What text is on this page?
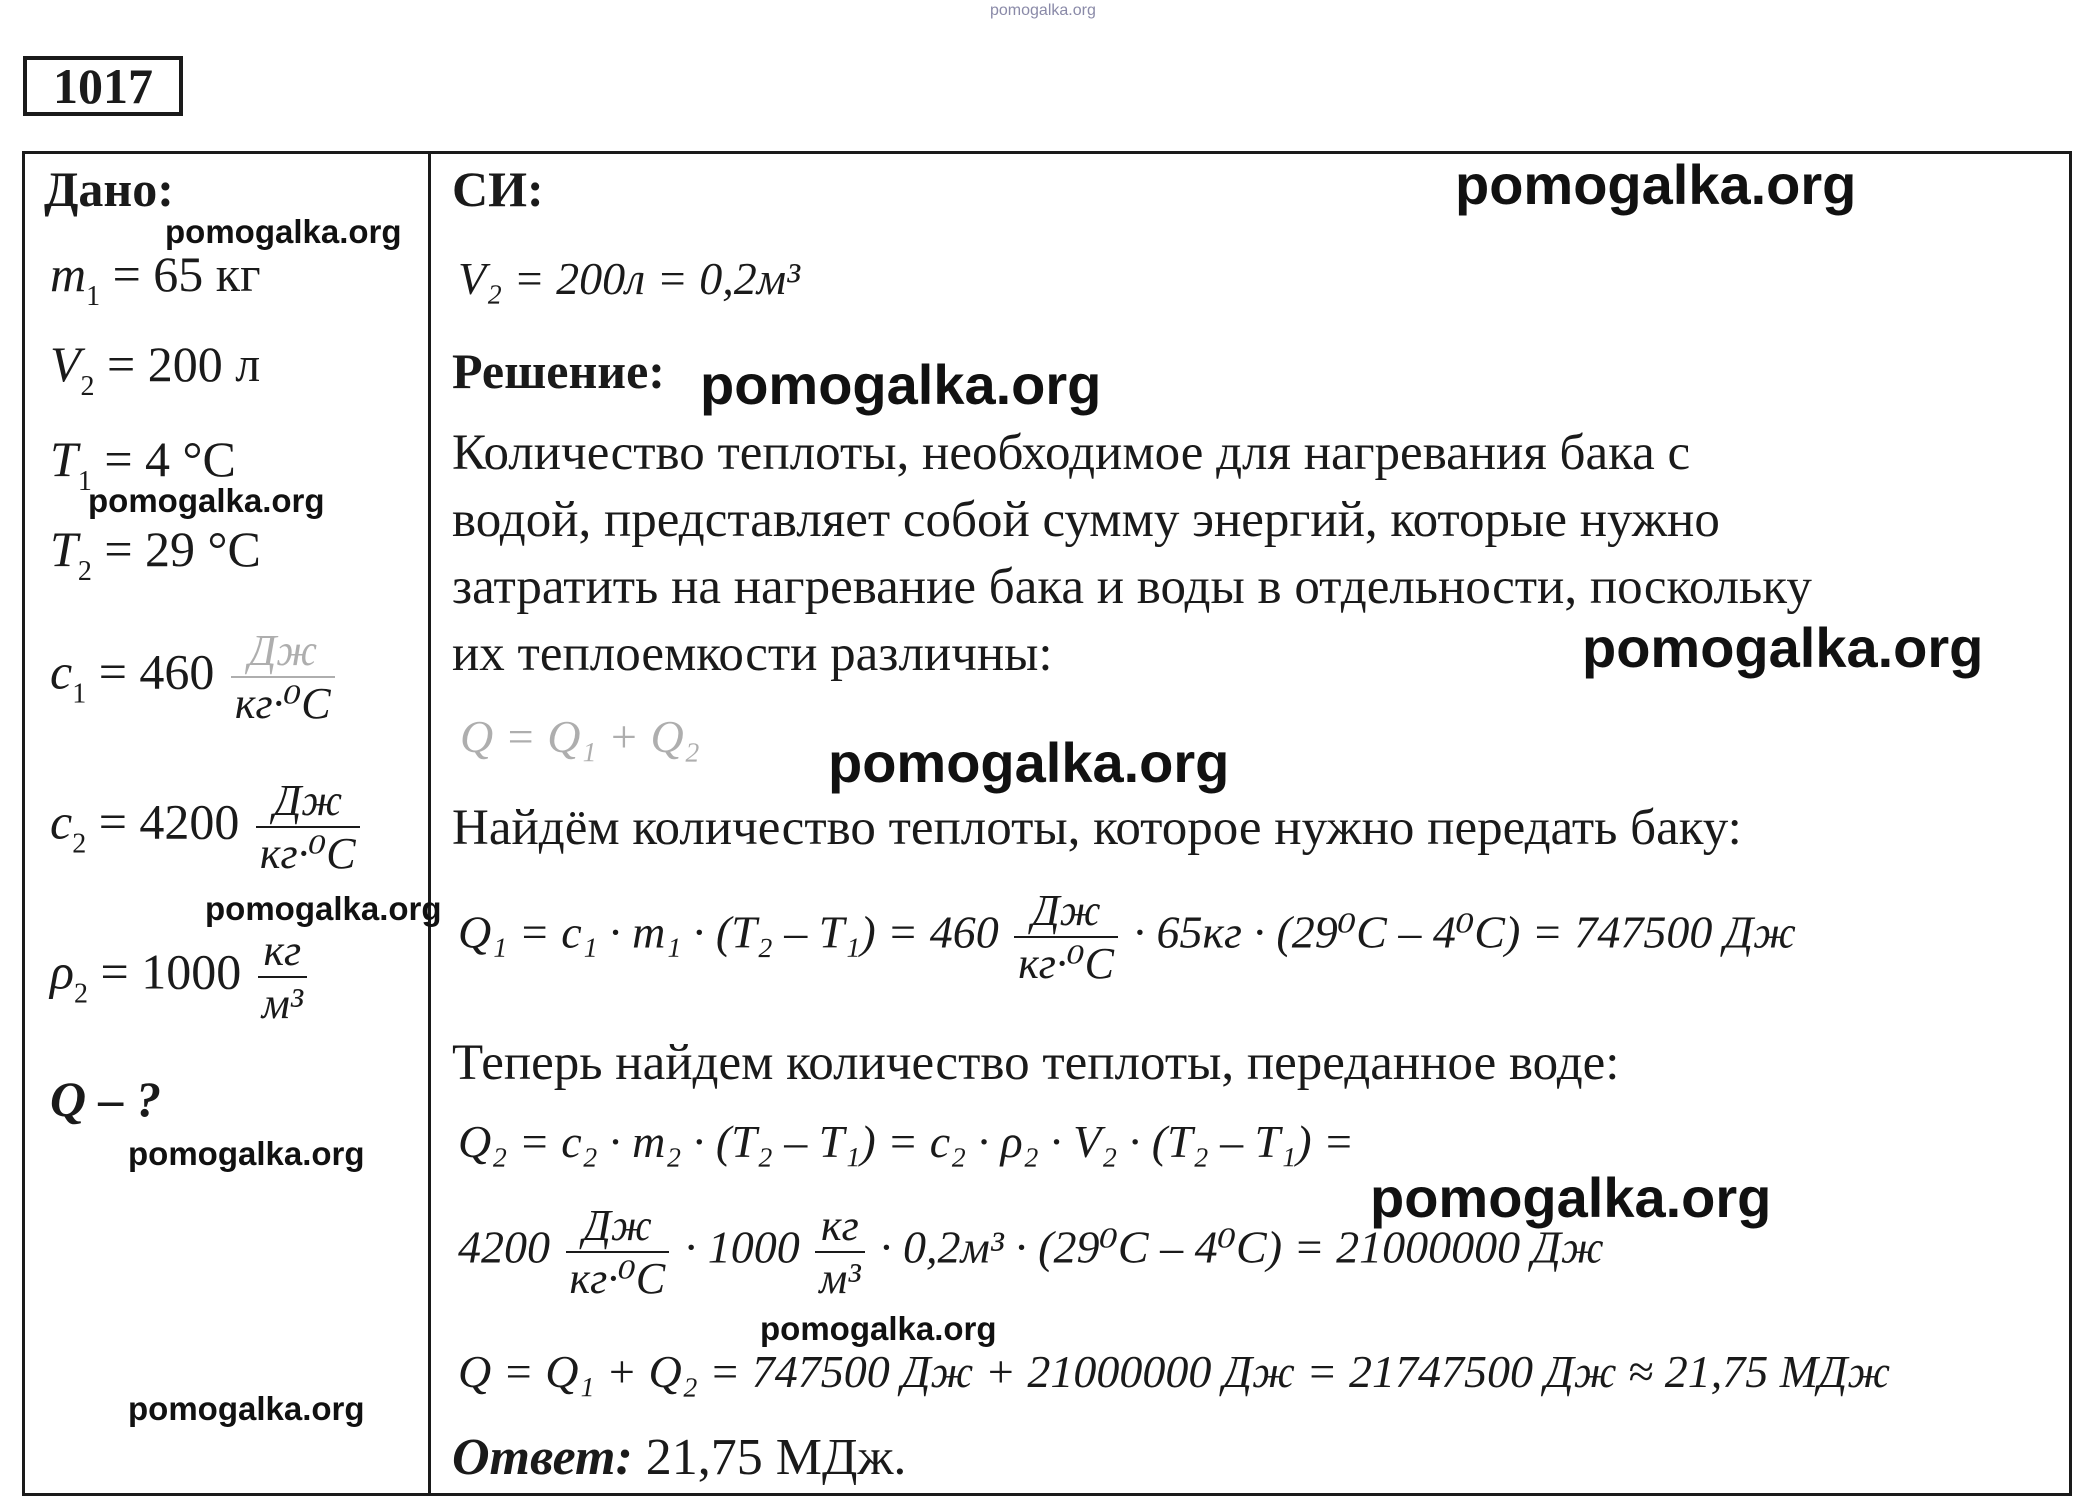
pomogalka.org
1017
Дано:
pomogalka.org
$m_1 = 65$ кг
$V_2 = 200$ л
$T_1 = 4$ °C
pomogalka.org
$T_2 = 29$ °C
$c_1 = 460 \frac{Дж}{\text{кг·⁰C}}$
$c_2 = 4200 \frac{Дж}{\text{кг·⁰C}}$
pomogalka.org
$\rho_2 = 1000 \frac{кг}{\text{м³}}$
Q – ?
pomogalka.org
pomogalka.org
СИ:	pomogalka.org
V₂ = 200л = 0,2м³
Решение: pomogalka.org
Количество теплоты, необходимое для нагревания бака с
водой, представляет собой сумму энергий, которые нужно
затратить на нагревание бака и воды в отдельности, поскольку
их теплоемкости различны:	pomogalka.org
Q = Q₁ + Q₂ pomogalka.org
Найдём количество теплоты, которое нужно передать баку:
$Q_1 = c_1 \cdot m_1 \cdot (T_2 - T_1) = 460 \frac{Дж}{\text{кг·⁰C}} \cdot 65кг \cdot (29^0C - 4^0C) = 747500$ Дж
Теперь найдем количество теплоты, переданное воде:
Q₂ = c₂ · m₂ · (T₂ – T₁) = c₂ · ρ₂ · V₂ · (T₂ – T₁) =
pomogalka.org
$4200 \frac{Дж}{\text{кг·⁰C}} \cdot 1000 \frac{кг}{\text{м³}} \cdot 0,2м^3 \cdot (29^0C - 4^0C) = 21000000$ Дж
pomogalka.org
Q = Q₁ + Q₂ = 747500 Дж + 21000000 Дж = 21747500 Дж ≈ 21,75 МДж
Ответ: 21,75 МДж.
